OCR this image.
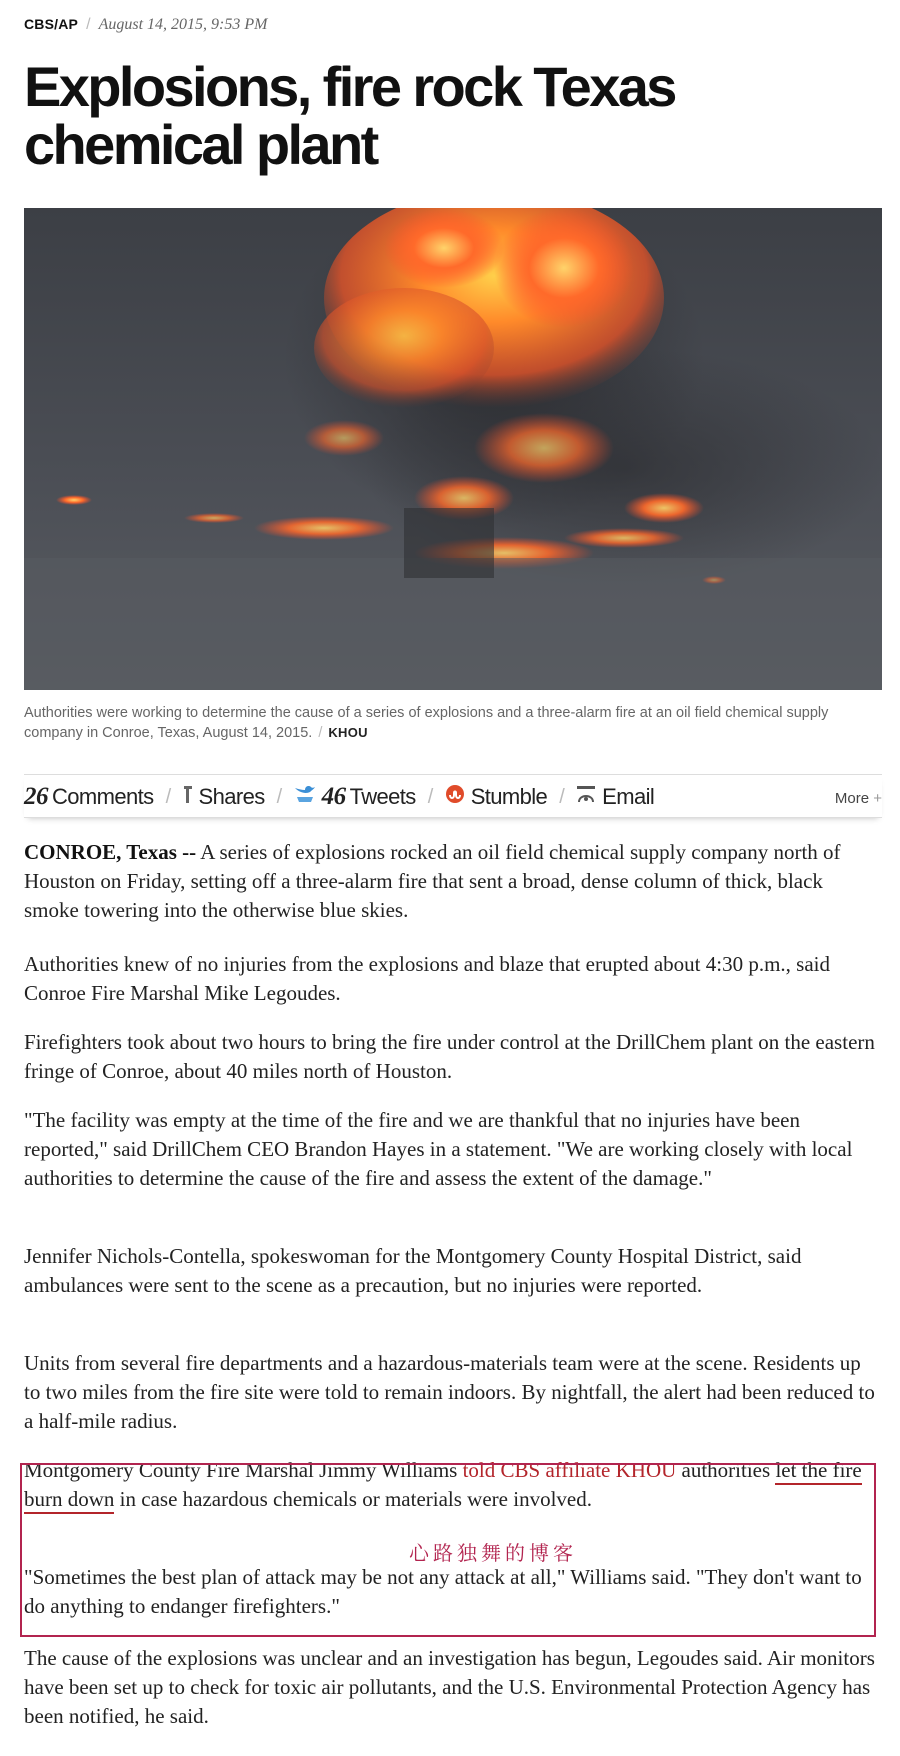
CBS/AP / August 14, 2015, 9:53 PM
Explosions, fire rock Texas chemical plant
Authorities were working to determine the cause of a series of explosions and a three-alarm fire at an oil field chemical supply company in Conroe, Texas, August 14, 2015. / KHOU
26 Comments / Shares / 46 Tweets / Stumble / Email	More +

CONROE, Texas -- A series of explosions rocked an oil field chemical supply company north of Houston on Friday, setting off a three-alarm fire that sent a broad, dense column of thick, black smoke towering into the otherwise blue skies.

Authorities knew of no injuries from the explosions and blaze that erupted about 4:30 p.m., said Conroe Fire Marshal Mike Legoudes.

Firefighters took about two hours to bring the fire under control at the DrillChem plant on the eastern fringe of Conroe, about 40 miles north of Houston.

"The facility was empty at the time of the fire and we are thankful that no injuries have been reported," said DrillChem CEO Brandon Hayes in a statement. "We are working closely with local authorities to determine the cause of the fire and assess the extent of the damage."

Jennifer Nichols-Contella, spokeswoman for the Montgomery County Hospital District, said ambulances were sent to the scene as a precaution, but no injuries were reported.

Units from several fire departments and a hazardous-materials team were at the scene. Residents up to two miles from the fire site were told to remain indoors. By nightfall, the alert had been reduced to a half-mile radius.

Montgomery County Fire Marshal Jimmy Williams told CBS affiliate KHOU authorities let the fire burn down in case hazardous chemicals or materials were involved.

"Sometimes the best plan of attack may be not any attack at all," Williams said. "They don't want to do anything to endanger firefighters."

The cause of the explosions was unclear and an investigation has begun, Legoudes said. Air monitors have been set up to check for toxic air pollutants, and the U.S. Environmental Protection Agency has been notified, he said.

心路独舞的博客
